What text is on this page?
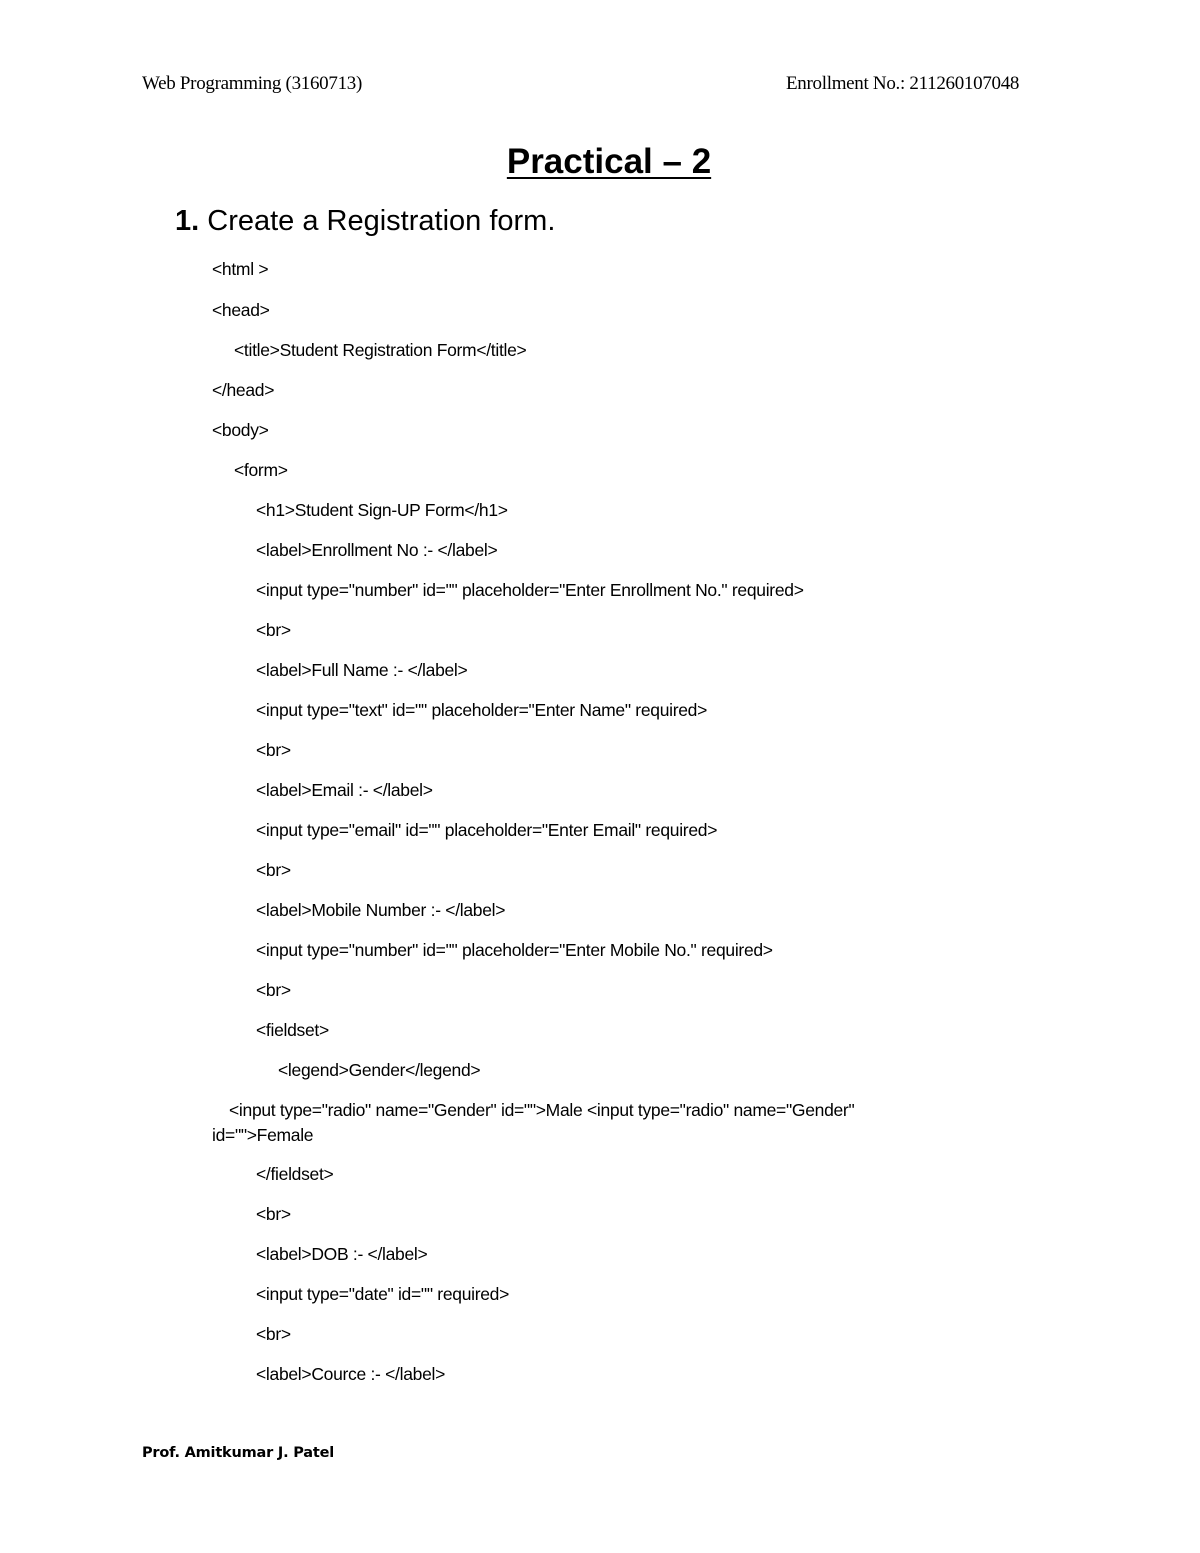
Web Programming (3160713)	Enrollment No.: 211260107048
Practical – 2
1. Create a Registration form.
<html >
<head>
<title>Student Registration Form</title>
</head>
<body>
<form>
<h1>Student Sign-UP Form</h1>
<label>Enrollment No :- </label>
<input type="number" id="" placeholder="Enter Enrollment No." required>
<br>
<label>Full Name :- </label>
<input type="text" id="" placeholder="Enter Name" required>
<br>
<label>Email :- </label>
<input type="email" id="" placeholder="Enter Email" required>
<br>
<label>Mobile Number :- </label>
<input type="number" id="" placeholder="Enter Mobile No." required>
<br>
<fieldset>
<legend>Gender</legend>
<input type="radio" name="Gender" id="">Male <input type="radio" name="Gender"
id="">Female
</fieldset>
<br>
<label>DOB :- </label>
<input type="date" id="" required>
<br>
<label>Cource :- </label>
Prof. Amitkumar J. Patel
